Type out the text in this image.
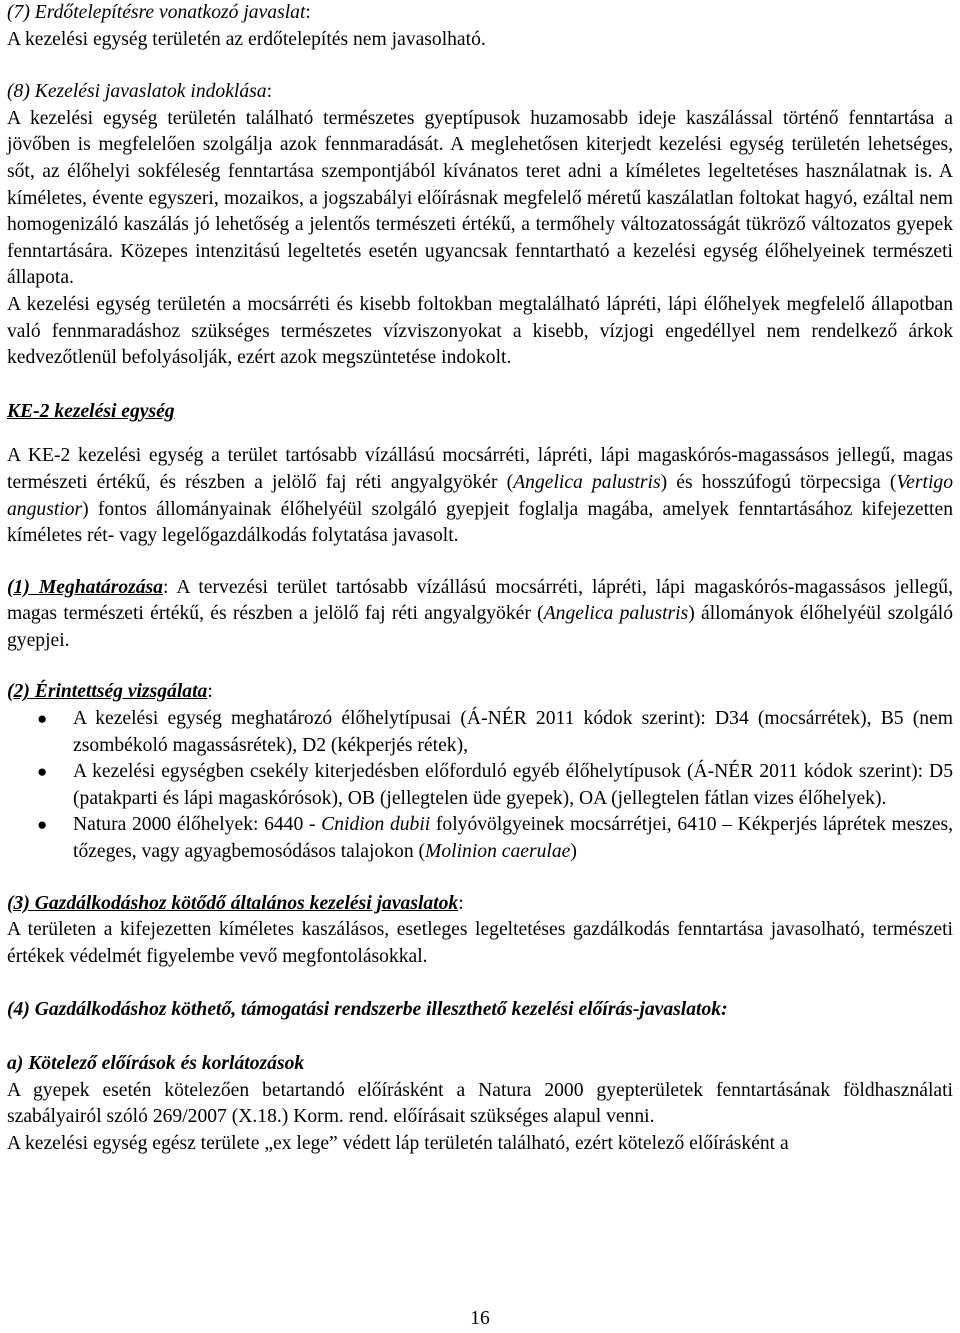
(7) Erdőtelepítésre vonatkozó javaslat:

A kezelési egység területén az erdőtelepítés nem javasolható.

(8) Kezelési javaslatok indoklása:

A kezelési egység területén található természetes gyeptípusok huzamosabb ideje kaszálással történő fenntartása a jövőben is megfelelően szolgálja azok fennmaradását. A meglehetősen kiterjedt kezelési egység területén lehetséges, sőt, az élőhelyi sokféleség fenntartása szempontjából kívánatos teret adni a kíméletes legeltetéses használatnak is. A kíméletes, évente egyszeri, mozaikos, a jogszabályi előírásnak megfelelő méretű kaszálatlan foltokat hagyó, ezáltal nem homogenizáló kaszálás jó lehetőség a jelentős természeti értékű, a termőhely változatosságát tükröző változatos gyepek fenntartására. Közepes intenzitású legeltetés esetén ugyancsak fenntartható a kezelési egység élőhelyeinek természeti állapota.

A kezelési egység területén a mocsárréti és kisebb foltokban megtalálható lápréti, lápi élőhelyek megfelelő állapotban való fennmaradáshoz szükséges természetes vízviszonyokat a kisebb, vízjogi engedéllyel nem rendelkező árkok kedvezőtlenül befolyásolják, ezért azok megszüntetése indokolt.

KE-2 kezelési egység

A KE-2 kezelési egység a terület tartósabb vízállású mocsárréti, lápréti, lápi magaskórós-magassásos jellegű, magas természeti értékű, és részben a jelölő faj réti angyalgyökér (Angelica palustris) és hosszúfogú törpecsiga (Vertigo angustior) fontos állományainak élőhelyéül szolgáló gyepjeit foglalja magába, amelyek fenntartásához kifejezetten kíméletes rét- vagy legelőgazdálkodás folytatása javasolt.

(1) Meghatározása: A tervezési terület tartósabb vízállású mocsárréti, lápréti, lápi magaskórós-magassásos jellegű, magas természeti értékű, és részben a jelölő faj réti angyalgyökér (Angelica palustris) állományok élőhelyéül szolgáló gyepjei.

(2) Érintettség vizsgálata:

● A kezelési egység meghatározó élőhelytípusai (Á-NÉR 2011 kódok szerint): D34 (mocsárrétek), B5 (nem zsombékoló magassásrétek), D2 (kékperjés rétek),
● A kezelési egységben csekély kiterjedésben előforduló egyéb élőhelytípusok (Á-NÉR 2011 kódok szerint): D5 (patakparti és lápi magaskórósok), OB (jellegtelen üde gyepek), OA (jellegtelen fátlan vizes élőhelyek).
● Natura 2000 élőhelyek: 6440 - Cnidion dubii folyóvölgyeinek mocsárrétjei, 6410 – Kékperjés láprétek meszes, tőzeges, vagy agyagbemosódásos talajokon (Molinion caerulae)

(3) Gazdálkodáshoz kötődő általános kezelési javaslatok:

A területen a kifejezetten kíméletes kaszálásos, esetleges legeltetéses gazdálkodás fenntartása javasolható, természeti értékek védelmét figyelembe vevő megfontolásokkal.

(4) Gazdálkodáshoz köthető, támogatási rendszerbe illeszthető kezelési előírás-javaslatok:

a) Kötelező előírások és korlátozások

A gyepek esetén kötelezően betartandó előírásként a Natura 2000 gyepterületek fenntartásának földhasználati szabályairól szóló 269/2007 (X.18.) Korm. rend. előírásait szükséges alapul venni.

A kezelési egység egész területe „ex lege” védett láp területén található, ezért kötelező előírásként a

16
